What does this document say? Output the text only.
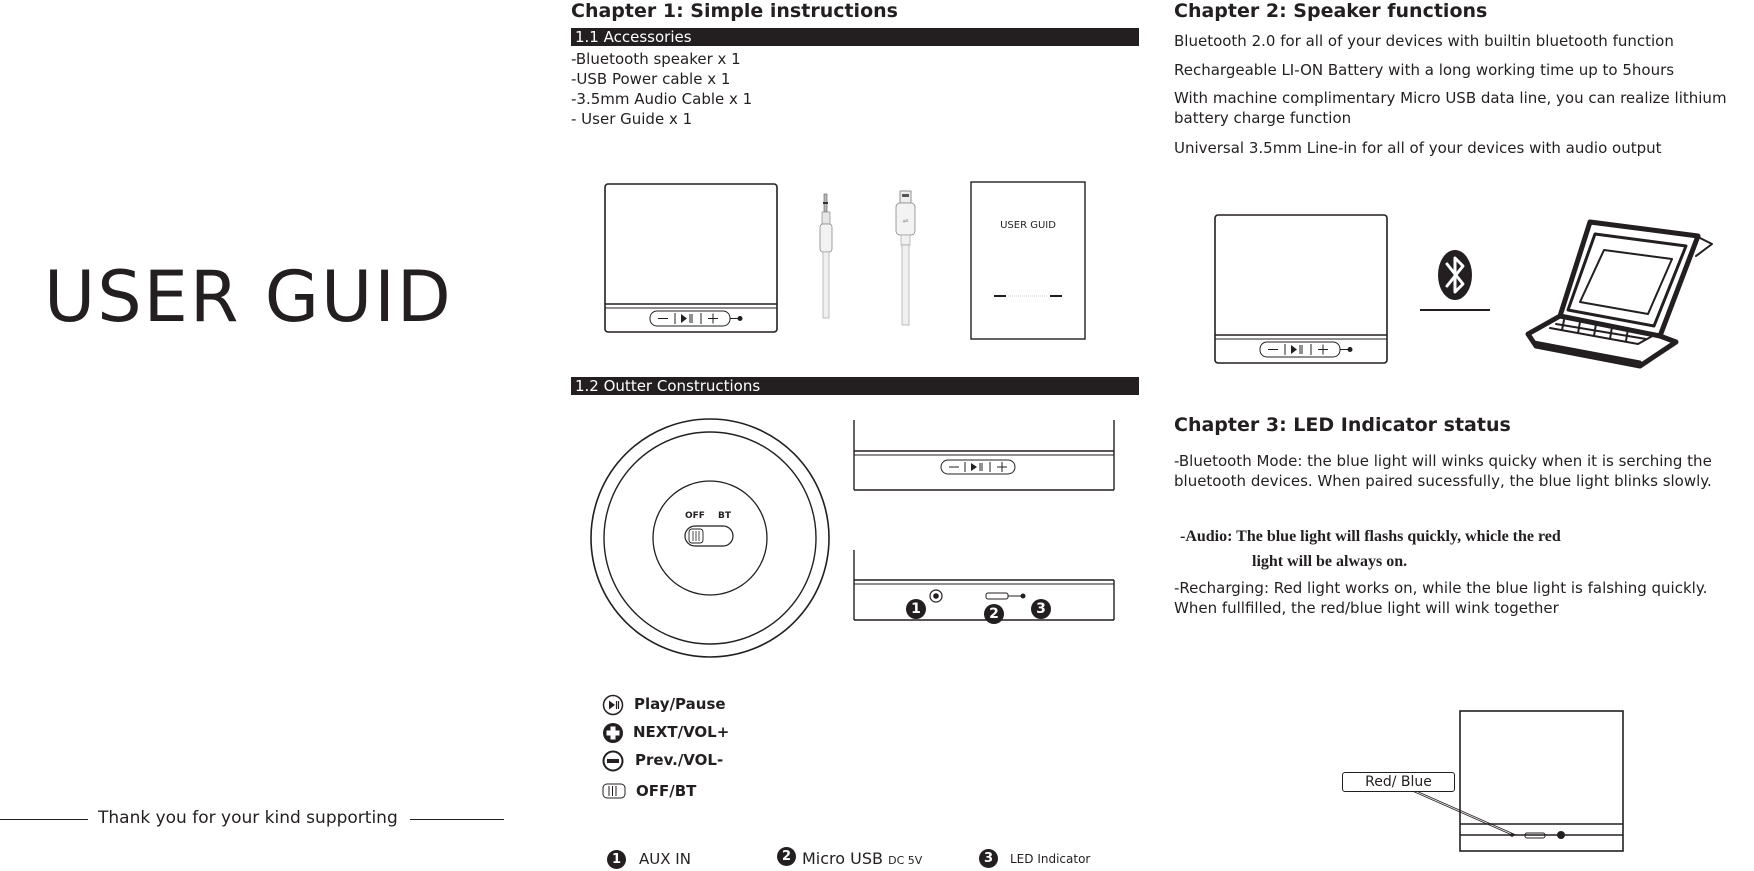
USER GUID
Thank you for your kind supporting
Chapter 1: Simple instructions
1.1 Accessories
-Bluetooth speaker x 1
-USB Power cable x 1
-3.5mm Audio Cable x 1
- User Guide x 1
⇌	USER GUID
1.2 Outter Constructions
OFF BT
1	2	3
Play/Pause
NEXT/VOL+
Prev./VOL-
OFF/BT
1	AUX IN	2 Micro USB DC 5V	3	LED Indicator
Chapter 2: Speaker functions
Bluetooth 2.0 for all of your devices with builtin bluetooth function
Rechargeable LI-ON Battery with a long working time up to 5hours
With machine complimentary Micro USB data line, you can realize lithium battery charge function
Universal 3.5mm Line-in for all of your devices with audio output
Chapter 3: LED Indicator status
-Bluetooth Mode: the blue light will winks quicky when it is serching the bluetooth devices. When paired sucessfully, the blue light blinks slowly.
-Audio: The blue light will flashs quickly, whicle the red
light will be always on.
-Recharging: Red light works on, while the blue light is falshing quickly. When fullfilled, the red/blue light will wink together
Red/ Blue
